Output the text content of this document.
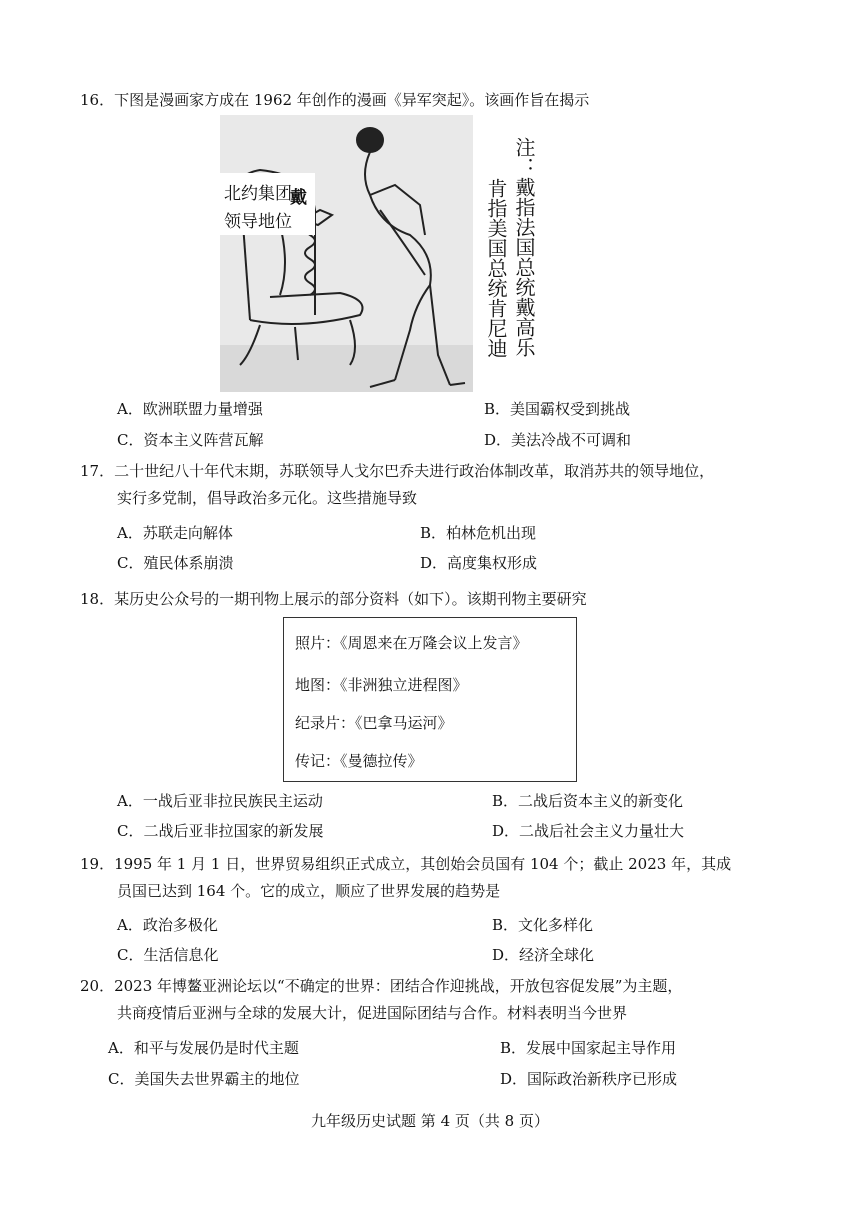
16．下图是漫画家方成在 1962 年创作的漫画《异军突起》。该画作旨在揭示
北约集团
领导地位
戴	注：戴指法国总统戴高乐
肯指美国总统肯尼迪
A．欧洲联盟力量增强	B．美国霸权受到挑战
C．资本主义阵营瓦解	D．美法冷战不可调和
17．二十世纪八十年代末期，苏联领导人戈尔巴乔夫进行政治体制改革，取消苏共的领导地位，
实行多党制，倡导政治多元化。这些措施导致
A．苏联走向解体	B．柏林危机出现
C．殖民体系崩溃	D．高度集权形成
18．某历史公众号的一期刊物上展示的部分资料（如下）。该期刊物主要研究
照片：《周恩来在万隆会议上发言》
地图：《非洲独立进程图》
纪录片：《巴拿马运河》
传记：《曼德拉传》
A．一战后亚非拉民族民主运动	B．二战后资本主义的新变化
C．二战后亚非拉国家的新发展	D．二战后社会主义力量壮大
19．1995 年 1 月 1 日，世界贸易组织正式成立，其创始会员国有 104 个；截止 2023 年，其成
员国已达到 164 个。它的成立，顺应了世界发展的趋势是
A．政治多极化	B．文化多样化
C．生活信息化	D．经济全球化
20．2023 年博鳌亚洲论坛以“不确定的世界：团结合作迎挑战，开放包容促发展”为主题，
共商疫情后亚洲与全球的发展大计，促进国际团结与合作。材料表明当今世界
A．和平与发展仍是时代主题	B．发展中国家起主导作用
C．美国失去世界霸主的地位	D．国际政治新秩序已形成
九年级历史试题 第 4 页（共 8 页）
